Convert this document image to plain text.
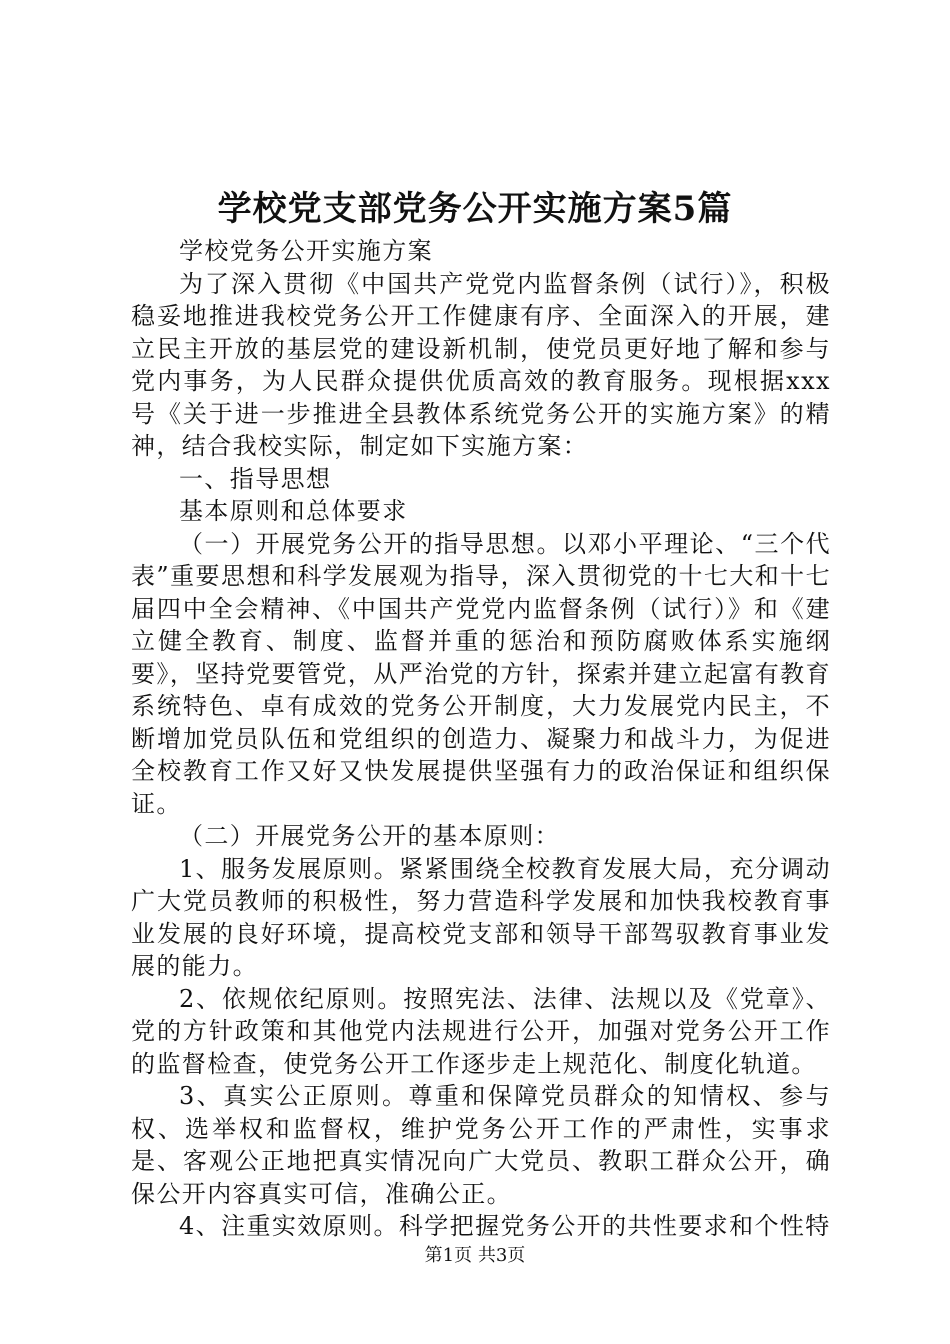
学校党支部党务公开实施方案5篇

学校党务公开实施方案

为了深入贯彻《中国共产党党内监督条例（试行）》，积极稳妥地推进我校党务公开工作健康有序、全面深入的开展，建立民主开放的基层党的建设新机制，使党员更好地了解和参与党内事务，为人民群众提供优质高效的教育服务。现根据xxx号《关于进一步推进全县教体系统党务公开的实施方案》的精神，结合我校实际，制定如下实施方案：

一、指导思想

基本原则和总体要求

（一）开展党务公开的指导思想。以邓小平理论、“三个代表”重要思想和科学发展观为指导，深入贯彻党的十七大和十七届四中全会精神、《中国共产党党内监督条例（试行）》和《建立健全教育、制度、监督并重的惩治和预防腐败体系实施纲要》，坚持党要管党，从严治党的方针，探索并建立起富有教育系统特色、卓有成效的党务公开制度，大力发展党内民主，不断增加党员队伍和党组织的创造力、凝聚力和战斗力，为促进全校教育工作又好又快发展提供坚强有力的政治保证和组织保证。

（二）开展党务公开的基本原则：

1、服务发展原则。紧紧围绕全校教育发展大局，充分调动广大党员教师的积极性，努力营造科学发展和加快我校教育事业发展的良好环境，提高校党支部和领导干部驾驭教育事业发展的能力。

2、依规依纪原则。按照宪法、法律、法规以及《党章》、党的方针政策和其他党内法规进行公开，加强对党务公开工作的监督检查，使党务公开工作逐步走上规范化、制度化轨道。

3、真实公正原则。尊重和保障党员群众的知情权、参与权、选举权和监督权，维护党务公开工作的严肃性，实事求是、客观公正地把真实情况向广大党员、教职工群众公开，确保公开内容真实可信，准确公正。

4、注重实效原则。科学把握党务公开的共性要求和个性特

第1页 共3页
